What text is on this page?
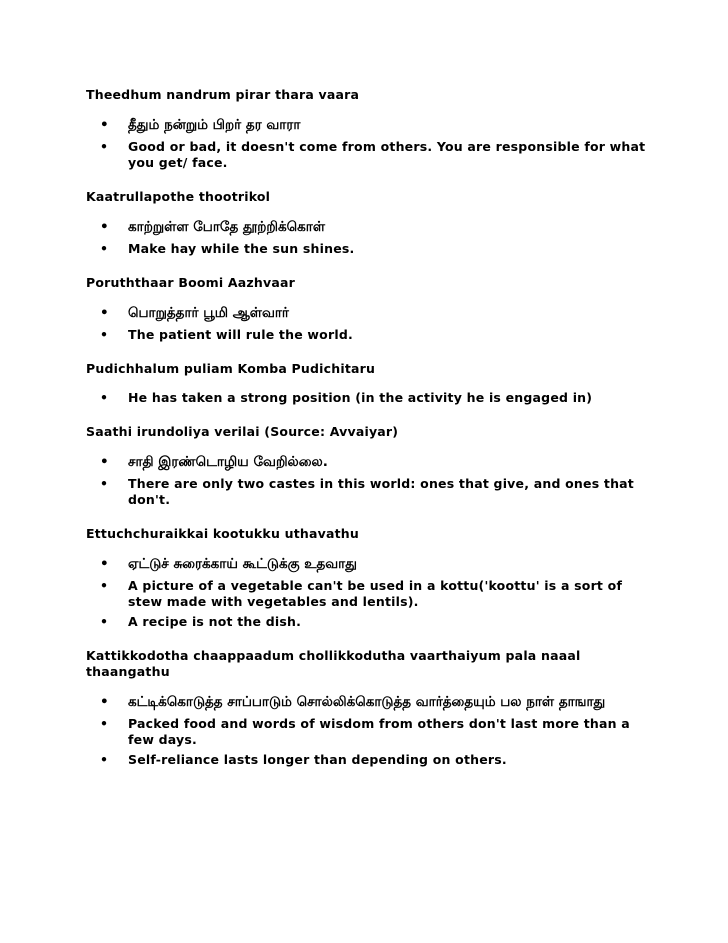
Theedhum nandrum pirar thara vaara

• தீதும் நன்றும் பிறர் தர வாரா
• Good or bad, it doesn't come from others. You are responsible for what you get/ face.

Kaatrullapothe thootrikol

• காற்றுள்ள போதே தூற்றிக்கொள்
• Make hay while the sun shines.

Poruththaar Boomi Aazhvaar

• பொறுத்தார் பூமி ஆள்வார்
• The patient will rule the world.

Pudichhalum puliam Komba Pudichitaru

• He has taken a strong position (in the activity he is engaged in)

Saathi irundoliya verilai (Source: Avvaiyar)

• சாதி இரண்டொழிய வேறில்லை.
• There are only two castes in this world: ones that give, and ones that don't.

Ettuchchuraikkai kootukku uthavathu

• ஏட்டுச் சுரைக்காய் கூட்டுக்கு உதவாது
• A picture of a vegetable can't be used in a kottu('koottu' is a sort of stew made with vegetables and lentils).
• A recipe is not the dish.

Kattikkodotha chaappaadum chollikkodutha vaarthaiyum pala naaal thaangathu

• கட்டிக்கொடுத்த சாப்பாடும் சொல்லிக்கொடுத்த வார்த்தையும் பல நாள் தாஙாது
• Packed food and words of wisdom from others don't last more than a few days.
• Self-reliance lasts longer than depending on others.
